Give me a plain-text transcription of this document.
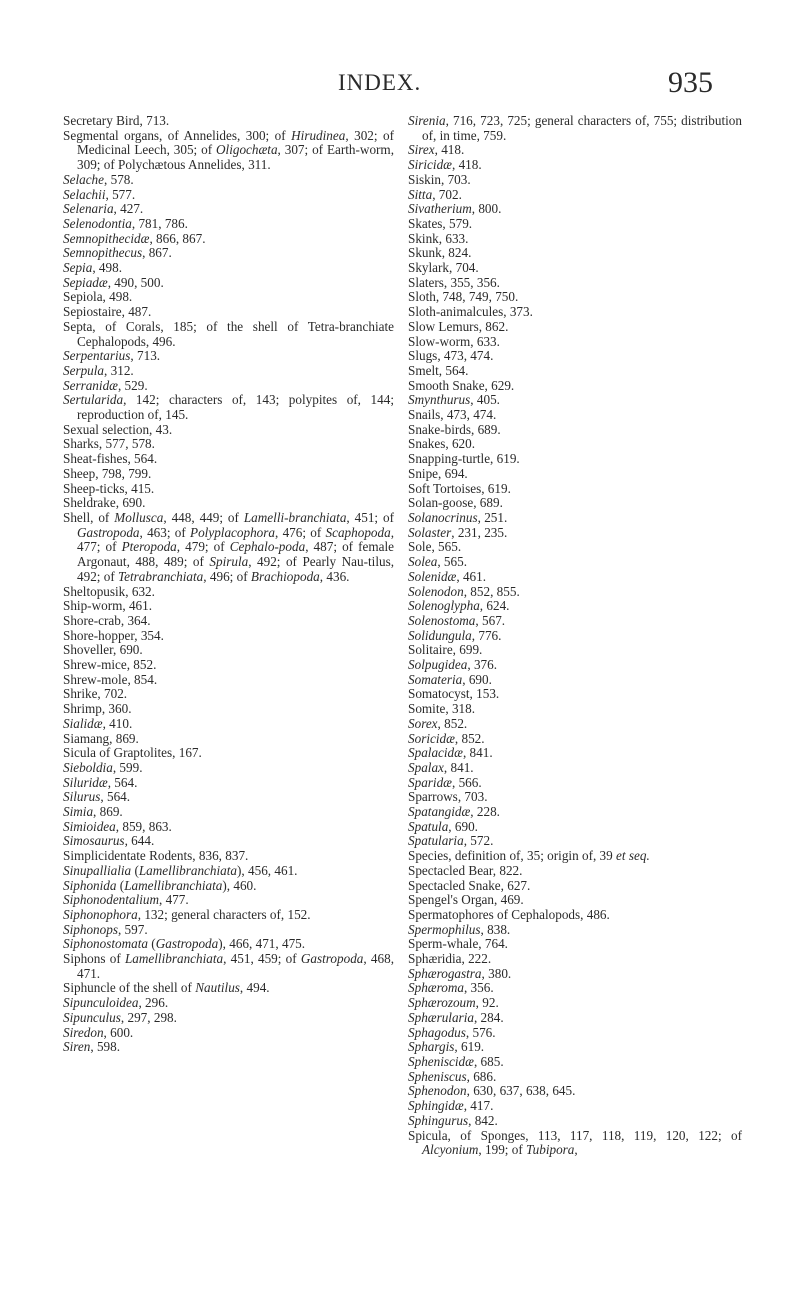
INDEX.	935
Secretary Bird, 713.
Segmental organs, of Annelides, 300; of Hirudinea, 302; of Medicinal Leech, 305; of Oligochæta, 307; of Earth-worm, 309; of Polychætous Annelides, 311.
Selache, 578.
Selachii, 577.
Selenaria, 427.
Selenodontia, 781, 786.
Semnopithecidæ, 866, 867.
Semnopithecus, 867.
Sepia, 498.
Sepiadæ, 490, 500.
Sepiola, 498.
Sepiostaire, 487.
Septa, of Corals, 185; of the shell of Tetra-branchiate Cephalopods, 496.
Serpentarius, 713.
Serpula, 312.
Serranidæ, 529.
Sertularida, 142; characters of, 143; polypites of, 144; reproduction of, 145.
Sexual selection, 43.
Sharks, 577, 578.
Sheat-fishes, 564.
Sheep, 798, 799.
Sheep-ticks, 415.
Sheldrake, 690.
Shell, of Mollusca, 448, 449; of Lamelli-branchiata, 451; of Gastropoda, 463; of Polyplacophora, 476; of Scaphopoda, 477; of Pteropoda, 479; of Cephalo-poda, 487; of female Argonaut, 488, 489; of Spirula, 492; of Pearly Nau-tilus, 492; of Tetrabranchiata, 496; of Brachiopoda, 436.
Sheltopusik, 632.
Ship-worm, 461.
Shore-crab, 364.
Shore-hopper, 354.
Shoveller, 690.
Shrew-mice, 852.
Shrew-mole, 854.
Shrike, 702.
Shrimp, 360.
Sialidæ, 410.
Siamang, 869.
Sicula of Graptolites, 167.
Sieboldia, 599.
Siluridæ, 564.
Silurus, 564.
Simia, 869.
Simioidea, 859, 863.
Simosaurus, 644.
Simplicidentate Rodents, 836, 837.
Sinupallialia (Lamellibranchiata), 456, 461.
Siphonida (Lamellibranchiata), 460.
Siphonodentalium, 477.
Siphonophora, 132; general characters of, 152.
Siphonops, 597.
Siphonostomata (Gastropoda), 466, 471, 475.
Siphons of Lamellibranchiata, 451, 459; of Gastropoda, 468, 471.
Siphuncle of the shell of Nautilus, 494.
Sipunculoidea, 296.
Sipunculus, 297, 298.
Siredon, 600.
Siren, 598.
Sirenia, 716, 723, 725; general characters of, 755; distribution of, in time, 759.
Sirex, 418.
Siricidæ, 418.
Siskin, 703.
Sitta, 702.
Sivatherium, 800.
Skates, 579.
Skink, 633.
Skunk, 824.
Skylark, 704.
Slaters, 355, 356.
Sloth, 748, 749, 750.
Sloth-animalcules, 373.
Slow Lemurs, 862.
Slow-worm, 633.
Slugs, 473, 474.
Smelt, 564.
Smooth Snake, 629.
Smynthurus, 405.
Snails, 473, 474.
Snake-birds, 689.
Snakes, 620.
Snapping-turtle, 619.
Snipe, 694.
Soft Tortoises, 619.
Solan-goose, 689.
Solanocrinus, 251.
Solaster, 231, 235.
Sole, 565.
Solea, 565.
Solenidæ, 461.
Solenodon, 852, 855.
Solenoglypha, 624.
Solenostoma, 567.
Solidungula, 776.
Solitaire, 699.
Solpugidea, 376.
Somateria, 690.
Somatocyst, 153.
Somite, 318.
Sorex, 852.
Soricidæ, 852.
Spalacidæ, 841.
Spalax, 841.
Sparidæ, 566.
Sparrows, 703.
Spatangidæ, 228.
Spatula, 690.
Spatularia, 572.
Species, definition of, 35; origin of, 39 et seq.
Spectacled Bear, 822.
Spectacled Snake, 627.
Spengel's Organ, 469.
Spermatophores of Cephalopods, 486.
Spermophilus, 838.
Sperm-whale, 764.
Sphæridia, 222.
Sphærogastra, 380.
Sphæroma, 356.
Sphærozoum, 92.
Sphærularia, 284.
Sphagodus, 576.
Sphargis, 619.
Spheniscidæ, 685.
Spheniscus, 686.
Sphenodon, 630, 637, 638, 645.
Sphingidæ, 417.
Sphingurus, 842.
Spicula, of Sponges, 113, 117, 118, 119, 120, 122; of Alcyonium, 199; of Tubipora,
